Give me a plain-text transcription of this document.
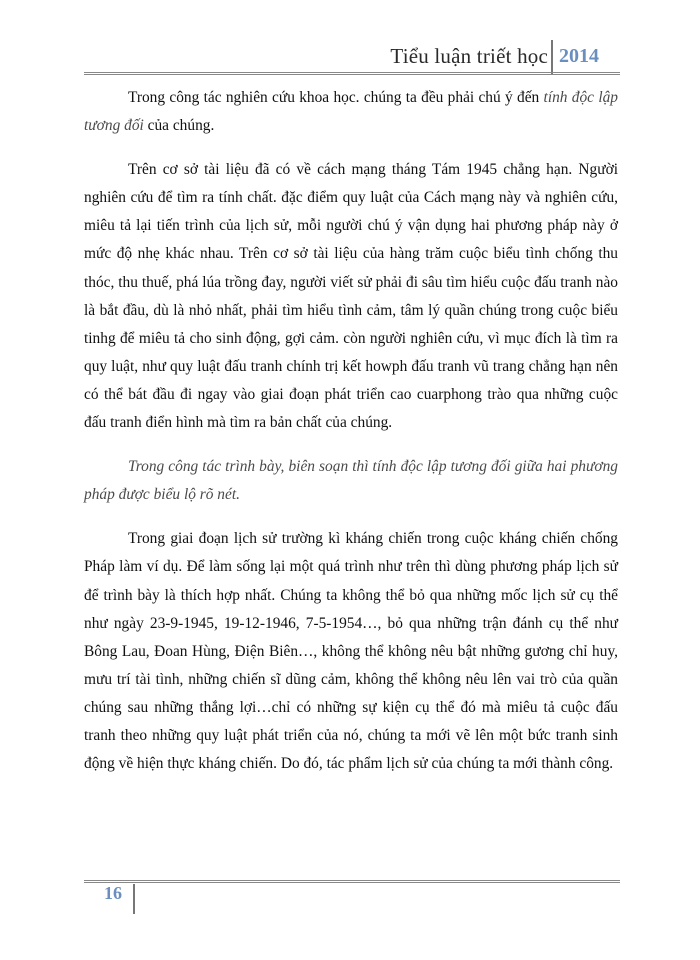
Tiểu luận triết học 2014

Trong công tác nghiên cứu khoa học. chúng ta đều phải chú ý đến tính độc lập tương đối của chúng.

Trên cơ sở tài liệu đã có về cách mạng tháng Tám 1945 chẳng hạn. Người nghiên cứu để tìm ra tính chất. đặc điểm quy luật của Cách mạng này và nghiên cứu, miêu tả lại tiến trình của lịch sử, mỗi người chú ý vận dụng hai phương pháp này ở mức độ nhẹ khác nhau. Trên cơ sở tài liệu của hàng trăm cuộc biểu tình chống thu thóc, thu thuế, phá lúa trồng đay, người viết sử phải đi sâu tìm hiểu cuộc đấu tranh nào là bắt đầu, dù là nhỏ nhất, phải tìm hiểu tình cảm, tâm lý quần chúng trong cuộc biểu tinhg để miêu tả cho sinh động, gợi cảm. còn người nghiên cứu, vì mục đích là tìm ra quy luật, như quy luật đấu tranh chính trị kết howph đấu tranh vũ trang chẳng hạn nên có thể bát đầu đi ngay vào giai đoạn phát triển cao cuarphong trào qua những cuộc đấu tranh điển hình mà tìm ra bản chất của chúng.

Trong công tác trình bày, biên soạn thì tính độc lập tương đối giữa hai phương pháp được biểu lộ rõ nét.

Trong giai đoạn lịch sử trường kì kháng chiến trong cuộc kháng chiến chống Pháp làm ví dụ. Để làm sống lại một quá trình như trên thì dùng phương pháp lịch sử để trình bày là thích hợp nhất. Chúng ta không thể bỏ qua những mốc lịch sử cụ thể như ngày 23-9-1945, 19-12-1946, 7-5-1954…, bỏ qua những trận đánh cụ thể như Bông Lau, Đoan Hùng, Điện Biên…, không thể không nêu bật những gương chỉ huy, mưu trí tài tình, những chiến sĩ dũng cảm, không thể không nêu lên vai trò của quần chúng sau những thắng lợi…chỉ có những sự kiện cụ thể đó mà miêu tả cuộc đấu tranh theo những quy luật phát triển của nó, chúng ta mới vẽ lên một bức tranh sinh động về hiện thực kháng chiến. Do đó, tác phẩm lịch sử của chúng ta mới thành công.

16
